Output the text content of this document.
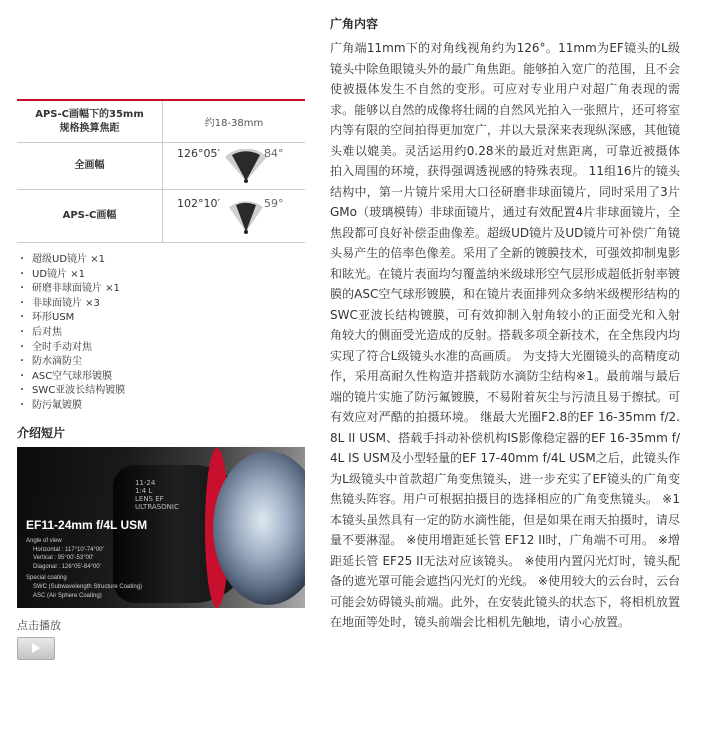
APS-C画幅下的35mm
规格换算焦距	约18-38mm

全画幅	126°05′ 84°

APS-C画幅	102°10′ 59°
・ 超级UD镜片 ×1
・ UD镜片 ×1
・ 研磨非球面镜片 ×1
・ 非球面镜片 ×3
・ 环形USM
・ 后对焦
・ 全时手动对焦
・ 防水滴防尘
・ ASC空气球形镀膜
・ SWC亚波长结构镀膜
・ 防污氟镀膜
介绍短片
11-24
1:4 L
LENS EF
ULTRASONIC
EF11-24mm f/4L USM
Angle of view
Horizontal : 117°10′-74°00′
Vertical : 95°00′-53°00′
Diagonal : 126°05′-84°00′
Special coating
SWC (Subwavelength Structure Coating)
ASC (Air Sphere Coating)
点击播放
广角内容

广角端11mm下的对角线视角约为126°。11mm为EF镜头的L级镜头中除鱼眼镜头外的最广角焦距。能够拍入宽广的范围，且不会使被摄体发生不自然的变形。可应对专业用户对超广角表现的需求。能够以自然的成像将壮阔的自然风光拍入一张照片，还可将室内等有限的空间拍得更加宽广，并以大景深来表现纵深感，其他镜头难以媲美。灵活运用约0.28米的最近对焦距离，可靠近被摄体拍入周围的环境，获得强调透视感的特殊表现。 11组16片的镜头结构中，第一片镜片采用大口径研磨非球面镜片，同时采用了3片GMo（玻璃模铸）非球面镜片，通过有效配置4片非球面镜片，全焦段都可良好补偿歪曲像差。超级UD镜片及UD镜片可补偿广角镜头易产生的倍率色像差。采用了全新的镀膜技术，可强效抑制鬼影和眩光。在镜片表面均匀覆盖纳米级球形空气层形成超低折射率镀膜的ASC空气球形镀膜，和在镜片表面排列众多纳米级楔形结构的SWC亚波长结构镀膜，可有效抑制入射角较小的正面受光和入射角较大的侧面受光造成的反射。搭载多项全新技术，在全焦段内均实现了符合L级镜头水准的高画质。 为支持大光圈镜头的高精度动作，采用高耐久性构造并搭载防水滴防尘结构※1。最前端与最后端的镜片实施了防污氟镀膜，不易附着灰尘与污渍且易于擦拭。可有效应对严酷的拍摄环境。 继最大光圈F2.8的EF 16-35mm f/2.8L II USM、搭载手抖动补偿机构IS影像稳定器的EF 16-35mm f/4L IS USM及小型轻量的EF 17-40mm f/4L USM之后，此镜头作为L级镜头中首款超广角变焦镜头，进一步充实了EF镜头的广角变焦镜头阵容。用户可根据拍摄目的选择相应的广角变焦镜头。 ※1 本镜头虽然具有一定的防水滴性能，但是如果在雨天拍摄时，请尽量不要淋湿。 ※使用增距延长管 EF12 II时，广角端不可用。 ※增距延长管 EF25 II无法对应该镜头。 ※使用内置闪光灯时，镜头配备的遮光罩可能会遮挡闪光灯的光线。 ※使用较大的云台时，云台可能会妨碍镜头前端。此外，在安装此镜头的状态下，将相机放置在地面等处时，镜头前端会比相机先触地，请小心放置。
